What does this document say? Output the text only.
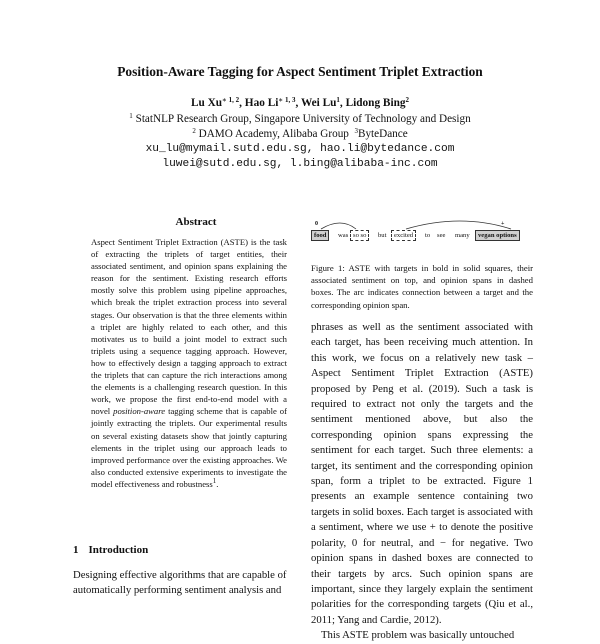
Position-Aware Tagging for Aspect Sentiment Triplet Extraction
Lu $Xu^{∗ 1, 2}$, Hao $Li^{∗ 1, 3}$, Wei Lu$^1$, Lidong Bing$^2$
$^1$ StatNLP Research Group, Singapore University of Technology and Design
$^2$ DAMO Academy, Alibaba Group $^3$ByteDance
xu_lu@mymail.sutd.edu.sg, hao.li@bytedance.com
luwei@sutd.edu.sg, l.bing@alibaba-inc.com
Abstract
Aspect Sentiment Triplet Extraction (ASTE) is the task of extracting the triplets of target entities, their associated sentiment, and opinion spans explaining the reason for the sentiment. Existing research efforts mostly solve this problem using pipeline approaches, which break the triplet extraction process into several stages. Our observation is that the three elements within a triplet are highly related to each other, and this motivates us to build a joint model to extract such triplets using a sequence tagging approach. However, how to effectively design a tagging approach to extract the triplets that can capture the rich interactions among the elements is a challenging research question. In this work, we propose the first end-to-end model with a novel position-aware tagging scheme that is capable of jointly extracting the triplets. Our experimental results on several existing datasets show that jointly capturing elements in the triplet using our approach leads to improved performance over the existing approaches. We also conducted extensive experiments to investigate the model effectiveness and robustness$^1$.
1 Introduction
Designing effective algorithms that are capable of automatically performing sentiment analysis and
0	+
food	was so so	but	excited	to see many	vegan options
Figure 1: ASTE with targets in bold in solid squares, their associated sentiment on top, and opinion spans in dashed boxes. The arc indicates connection between a target and the corresponding opinion span.
phrases as well as the sentiment associated with each target, has been receiving much attention. In this work, we focus on a relatively new task – Aspect Sentiment Triplet Extraction (ASTE) proposed by Peng et al. (2019). Such a task is required to extract not only the targets and the sentiment mentioned above, but also the corresponding opinion spans expressing the sentiment for each target. Such three elements: a target, its sentiment and the corresponding opinion span, form a triplet to be extracted. Figure 1 presents an example sentence containing two targets in solid boxes. Each target is associated with a sentiment, where we use + to denote the positive polarity, 0 for neutral, and − for negative. Two opinion spans in dashed boxes are connected to their targets by arcs. Such opinion spans are important, since they largely explain the sentiment polarities for the corresponding targets (Qiu et al., 2011; Yang and Cardie, 2012).
This ASTE problem was basically untouched
